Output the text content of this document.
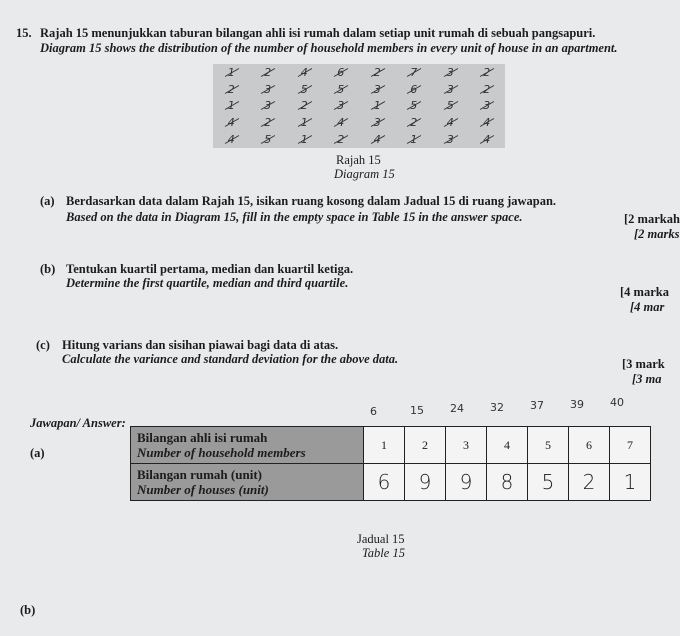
15. Rajah 15 menunjukkan taburan bilangan ahli isi rumah dalam setiap unit rumah di sebuah pangsapuri.
Diagram 15 shows the distribution of the number of household members in every unit of house in an apartment.
1	2	4	6	2	7	3	2
2	3	5	5	3	6	3	2
1	3	2	3	1	5	5	3
4	2	1	4	3	2	4	4
4	5	1	2	4	1	3	4
Rajah 15
Diagram 15
(a) Berdasarkan data dalam Rajah 15, isikan ruang kosong dalam Jadual 15 di ruang jawapan.
Based on the data in Diagram 15, fill in the empty space in Table 15 in the answer space.	[2 markah
[2 marks
(b) Tentukan kuartil pertama, median dan kuartil ketiga.
Determine the first quartile, median and third quartile.
[4 marka
[4 mar
(c) Hitung varians dan sisihan piawai bagi data di atas.
Calculate the variance and standard deviation for the above data.	[3 mark
[3 ma
Jawapan/ Answer:
(a)
6	15 24 32 37 39 40
Bilangan ahli isi rumah
Number of household members	1	2	3	4	5	6	7
Bilangan rumah (unit)
Number of houses (unit)	6	9	9	8	5	2	1
Jadual 15
Table 15
(b)
